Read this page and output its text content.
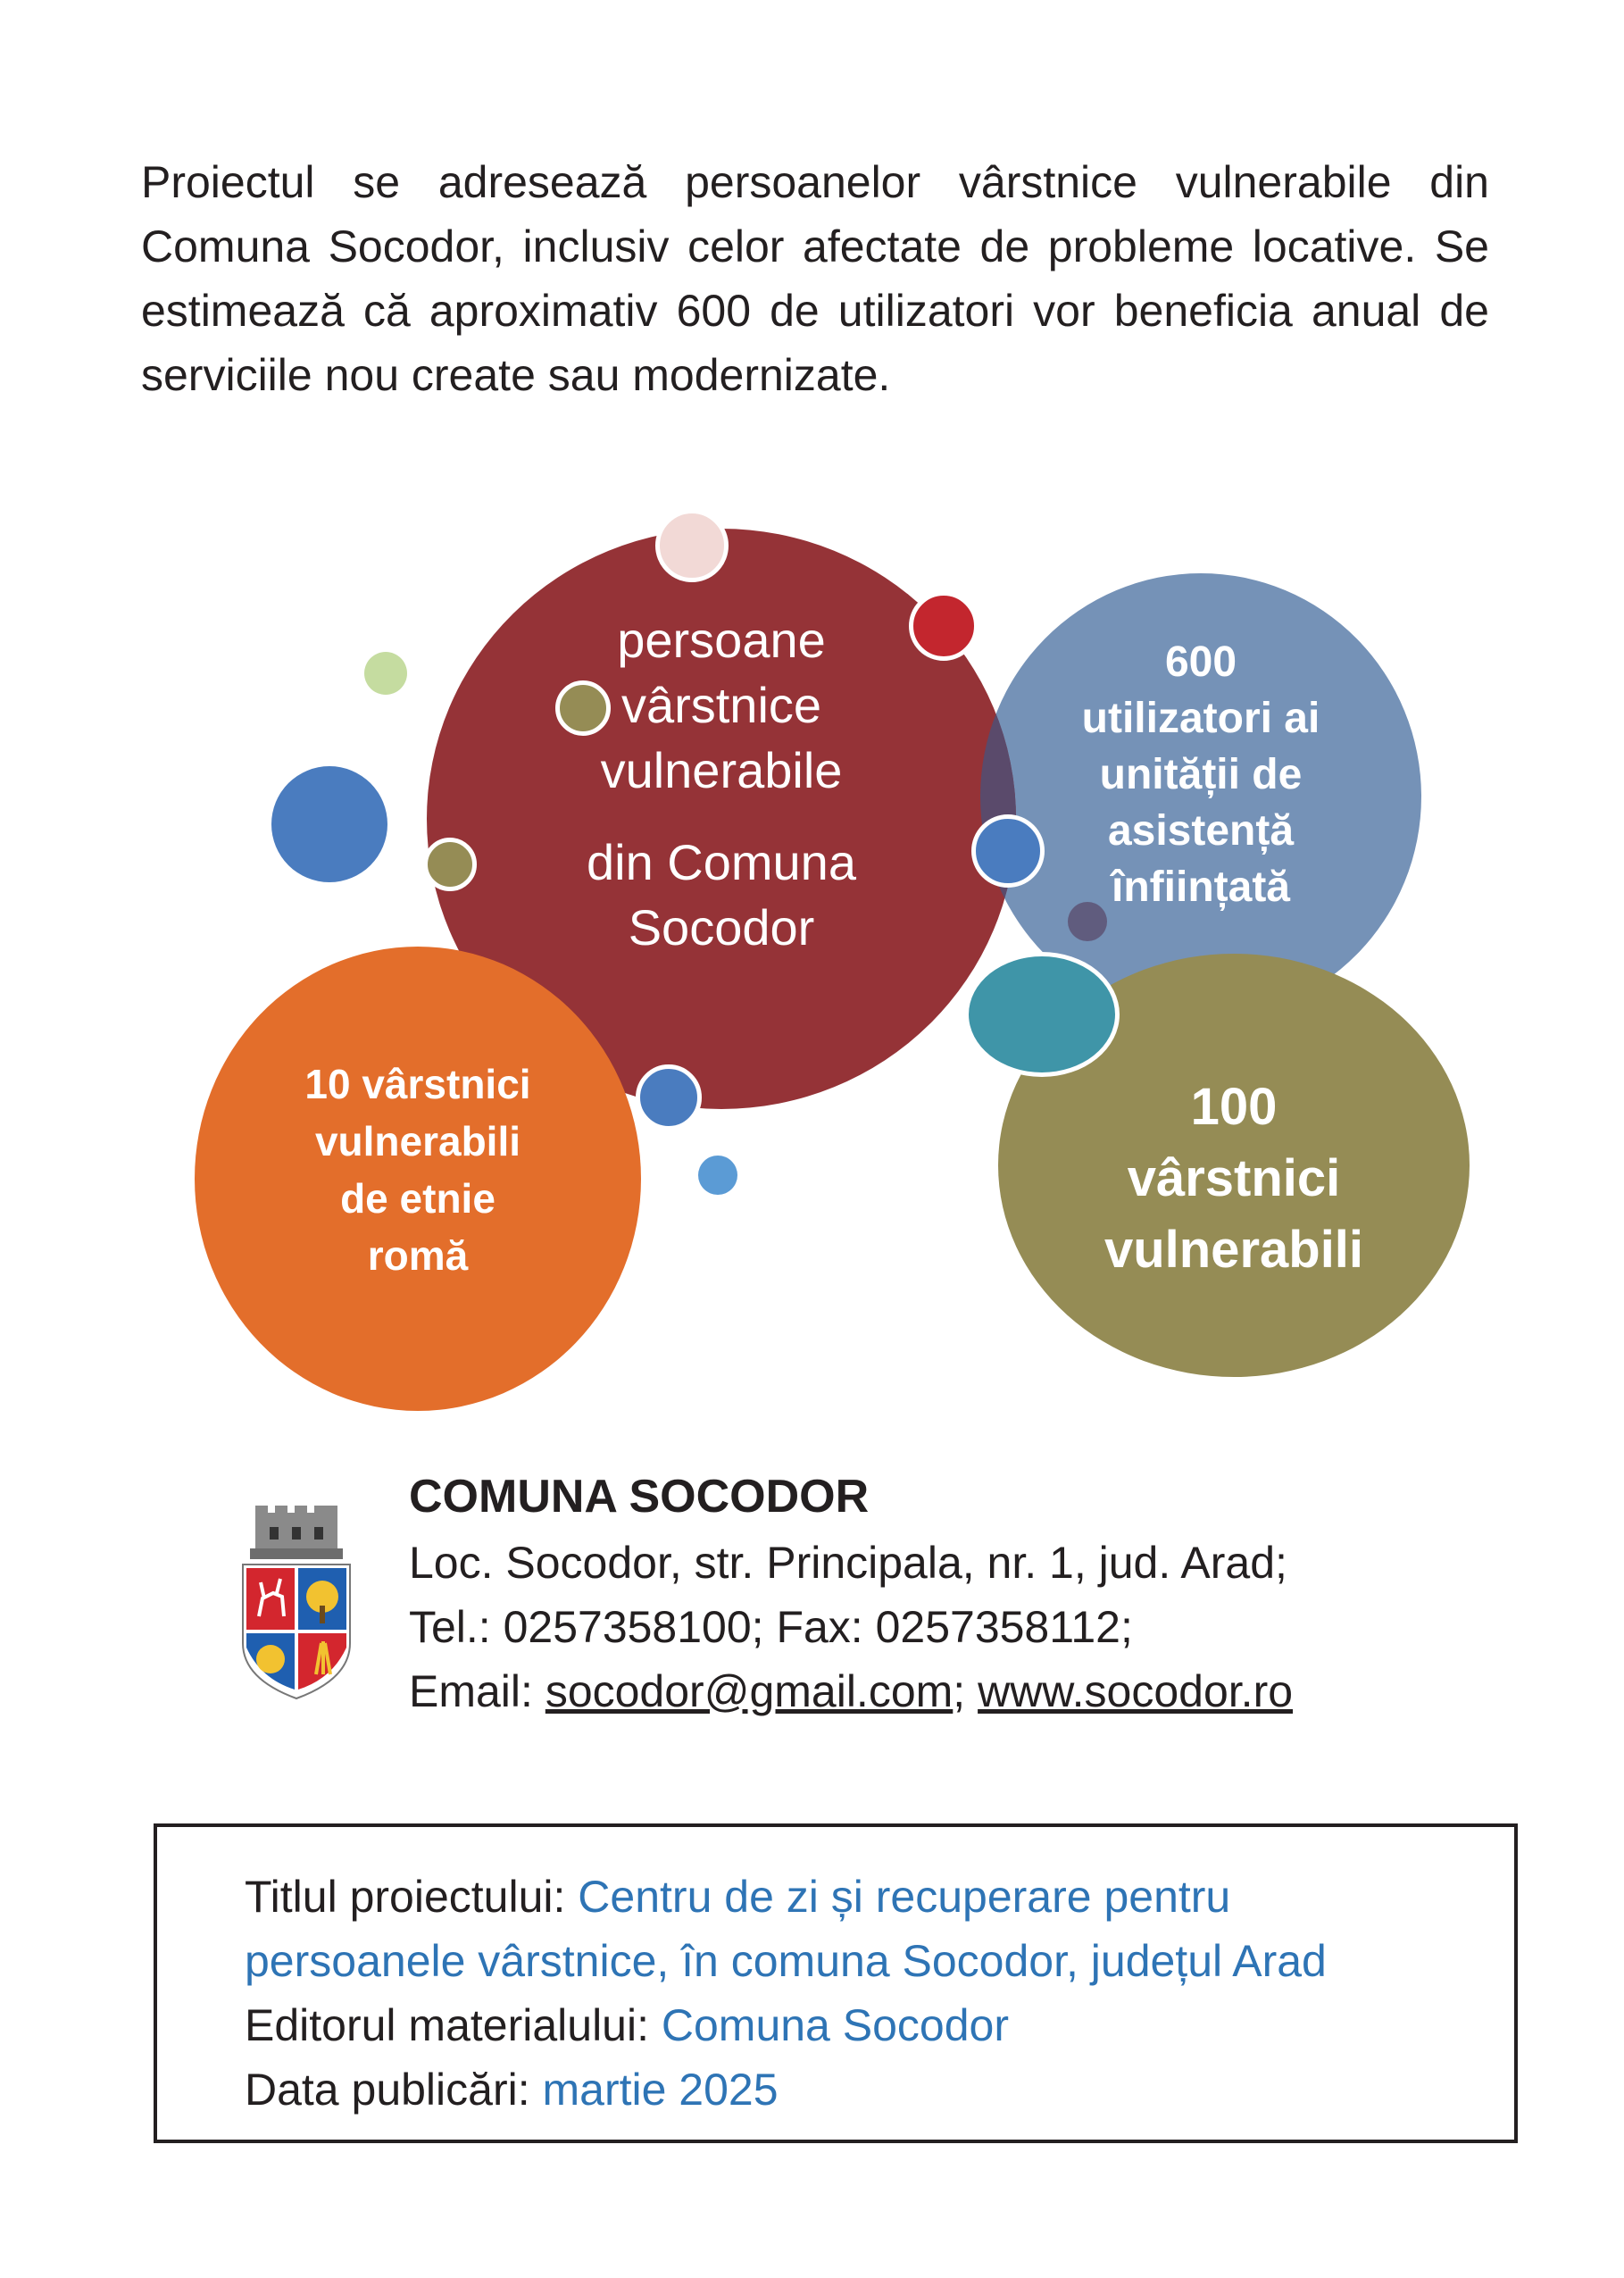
Proiectul se adresează persoanelor vârstnice vulnerabile din Comuna Socodor, inclusiv celor afectate de probleme locative. Se estimează că aproximativ 600 de utilizatori vor beneficia anual de serviciile nou create sau modernizate.

600
utilizatori ai
unității de
asistență
înființată
persoane
vârstnice
vulnerabile
din Comuna
Socodor
100
vârstnici
vulnerabili
10 vârstnici
vulnerabili
de etnie
romă
COMUNA SOCODOR
Loc. Socodor, str. Principala, nr. 1, jud. Arad;
Tel.: 0257358100; Fax: 0257358112;
Email: socodor@gmail.com; www.socodor.ro
Titlul proiectului: Centru de zi și recuperare pentru
persoanele vârstnice, în comuna Socodor, județul Arad
Editorul materialului: Comuna Socodor
Data publicări: martie 2025
